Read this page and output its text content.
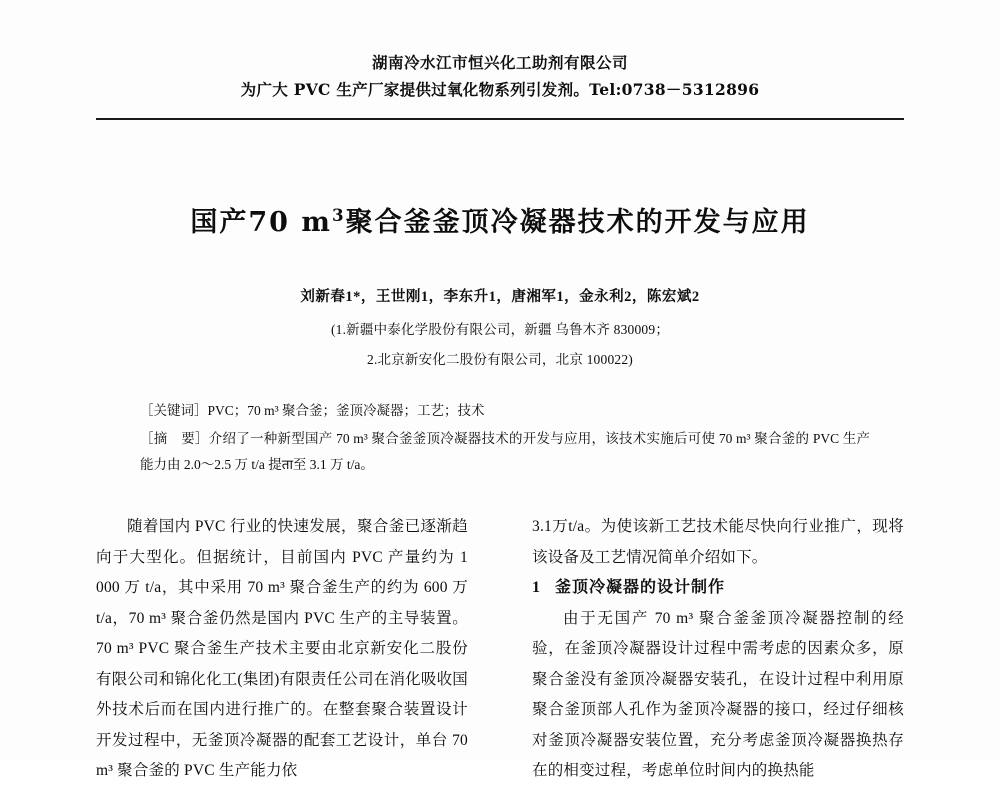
湖南冷水江市恒兴化工助剂有限公司
为广大 PVC 生产厂家提供过氧化物系列引发剂。Tel:0738－5312896
国产70 $m^3$聚合釜釜顶冷凝器技术的开发与应用
刘新春1*，王世刚1，李东升1，唐湘军1，金永利2，陈宏斌2
(1.新疆中泰化学股份有限公司，新疆 乌鲁木齐 830009；
2.北京新安化二股份有限公司，北京 100022)
［关键词］PVC；70 m³ 聚合釜；釜顶冷凝器；工艺；技术
［摘　要］介绍了一种新型国产 70 m³ 聚合釜釜顶冷凝器技术的开发与应用，该技术实施后可使 70 m³ 聚合釜的 PVC 生产能力由 2.0～2.5 万 t/a 提ता至 3.1 万 t/a。

随着国内 PVC 行业的快速发展，聚合釜已逐渐趋向于大型化。但据统计，目前国内 PVC 产量约为 1 000 万 t/a，其中采用 70 m³ 聚合釜生产的约为 600 万 t/a，70 m³ 聚合釜仍然是国内 PVC 生产的主导装置。70 m³ PVC 聚合釜生产技术主要由北京新安化二股份有限公司和锦化化工(集团)有限责任公司在消化吸收国外技术后而在国内进行推广的。在整套聚合装置设计开发过程中，无釜顶冷凝器的配套工艺设计，单台 70 m³ 聚合釜的 PVC 生产能力依

3.1万t/a。为使该新工艺技术能尽快向行业推广，现将该设备及工艺情况简单介绍如下。

1 釜顶冷凝器的设计制作

由于无国产 70 m³ 聚合釜釜顶冷凝器控制的经验，在釜顶冷凝器设计过程中需考虑的因素众多，原聚合釜没有釜顶冷凝器安装孔，在设计过程中利用原聚合釜顶部人孔作为釜顶冷凝器的接口，经过仔细核对釜顶冷凝器安装位置，充分考虑釜顶冷凝器换热存在的相变过程，考虑单位时间内的换热能
